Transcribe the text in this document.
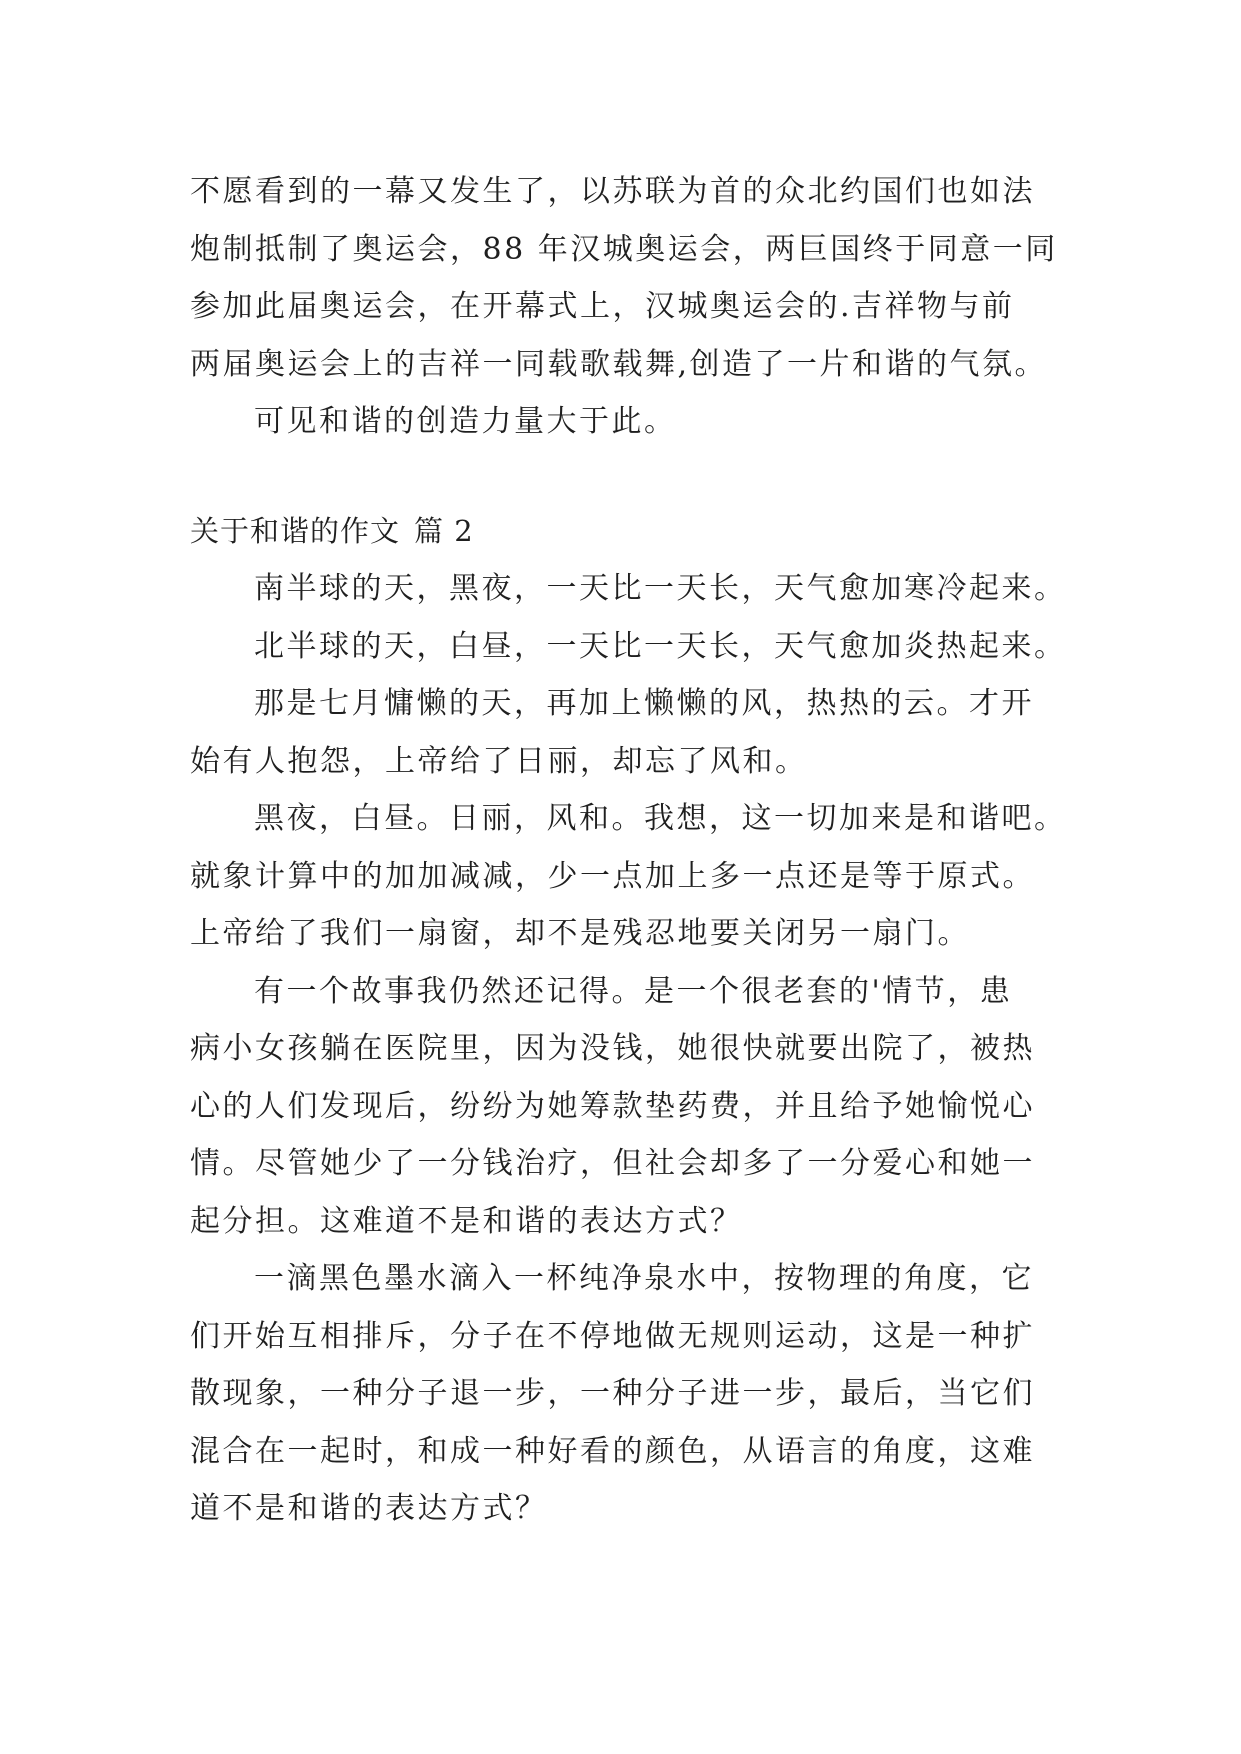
不愿看到的一幕又发生了，以苏联为首的众北约国们也如法
炮制抵制了奥运会，88 年汉城奥运会，两巨国终于同意一同
参加此届奥运会，在开幕式上，汉城奥运会的.吉祥物与前
两届奥运会上的吉祥一同载歌载舞,创造了一片和谐的气氛。
可见和谐的创造力量大于此。
关于和谐的作文 篇 2
南半球的天，黑夜，一天比一天长，天气愈加寒冷起来。
北半球的天，白昼，一天比一天长，天气愈加炎热起来。
那是七月慵懒的天，再加上懒懒的风，热热的云。才开
始有人抱怨，上帝给了日丽，却忘了风和。
黑夜，白昼。日丽，风和。我想，这一切加来是和谐吧。
就象计算中的加加减减，少一点加上多一点还是等于原式。
上帝给了我们一扇窗，却不是残忍地要关闭另一扇门。
有一个故事我仍然还记得。是一个很老套的'情节，患
病小女孩躺在医院里，因为没钱，她很快就要出院了，被热
心的人们发现后，纷纷为她筹款垫药费，并且给予她愉悦心
情。尽管她少了一分钱治疗，但社会却多了一分爱心和她一
起分担。这难道不是和谐的表达方式？
一滴黑色墨水滴入一杯纯净泉水中，按物理的角度，它
们开始互相排斥，分子在不停地做无规则运动，这是一种扩
散现象，一种分子退一步，一种分子进一步，最后，当它们
混合在一起时，和成一种好看的颜色，从语言的角度，这难
道不是和谐的表达方式？
